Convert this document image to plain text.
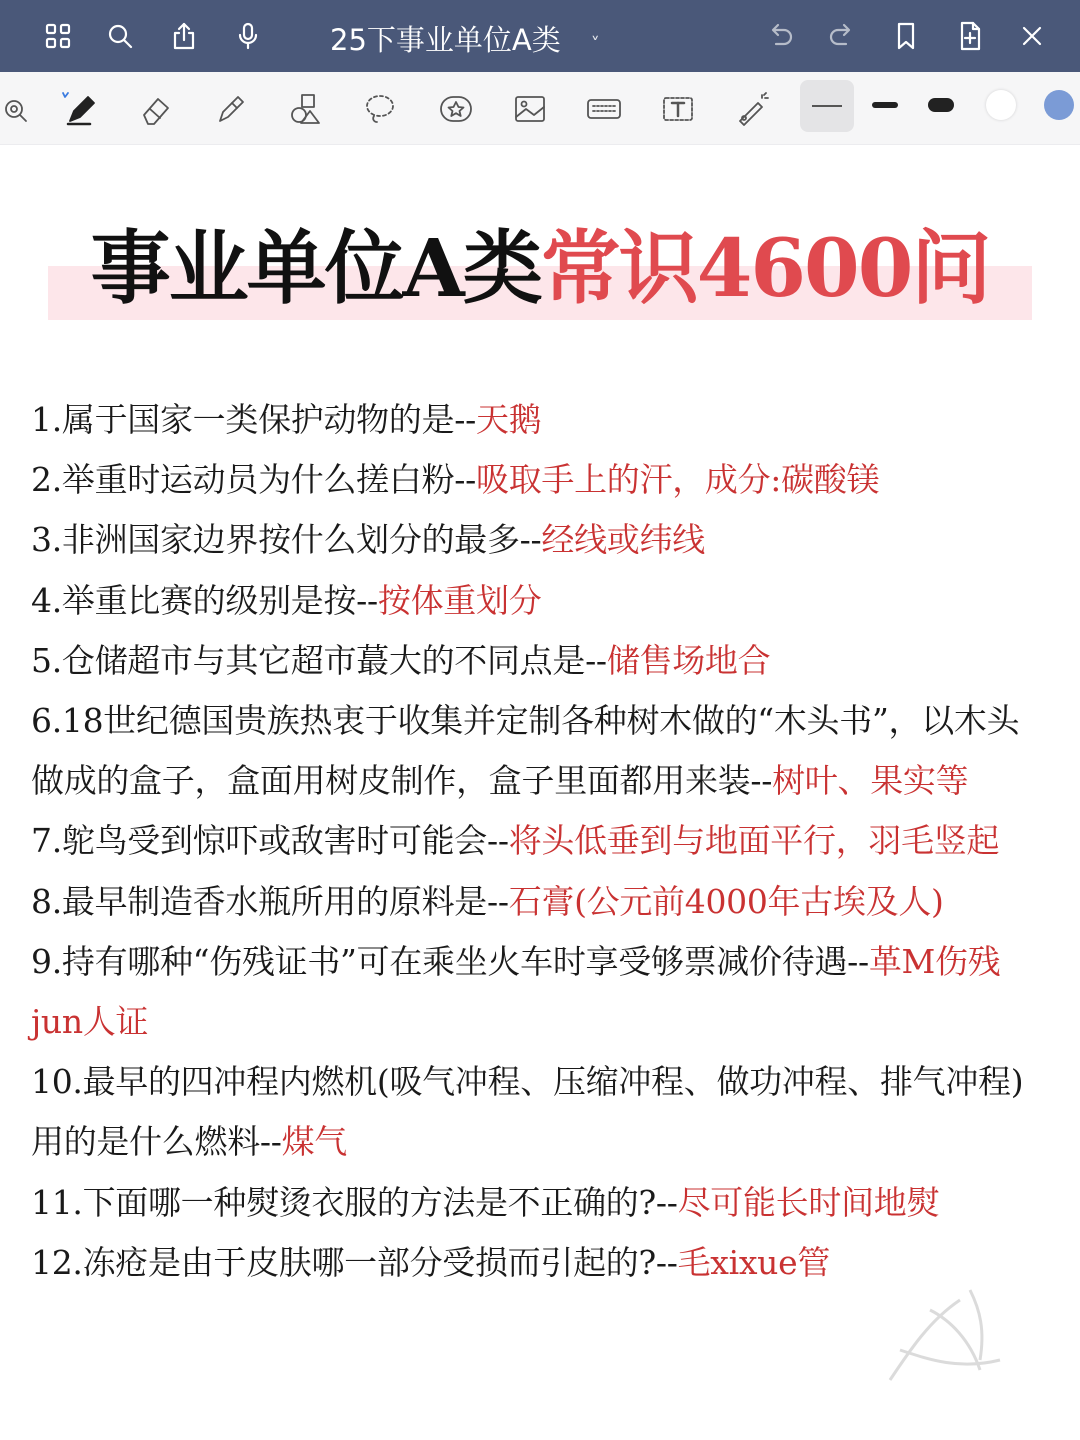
25下事业单位A类 ˅
事业单位A类常识4600问

1.属于国家一类保护动物的是--天鹅

2.举重时运动员为什么搓白粉--吸取手上的汗，成分:碳酸镁

3.非洲国家边界按什么划分的最多--经线或纬线

4.举重比赛的级别是按--按体重划分

5.仓储超市与其它超市蕞大的不同点是--储售场地合

6.18世纪德国贵族热衷于收集并定制各种树木做的“木头书”，以木头做成的盒子，盒面用树皮制作，盒子里面都用来装--树叶、果实等

7.鸵鸟受到惊吓或敌害时可能会--将头低垂到与地面平行，羽毛竖起

8.最早制造香水瓶所用的原料是--石膏(公元前4000年古埃及人)

9.持有哪种“伤残证书”可在乘坐火车时享受够票减价待遇--革M伤残jun人证

10.最早的四冲程内燃机(吸气冲程、压缩冲程、做功冲程、排气冲程)用的是什么燃料--煤气

11.下面哪一种熨烫衣服的方法是不正确的?--尽可能长时间地熨

12.冻疮是由于皮肤哪一部分受损而引起的?--毛xixue管
